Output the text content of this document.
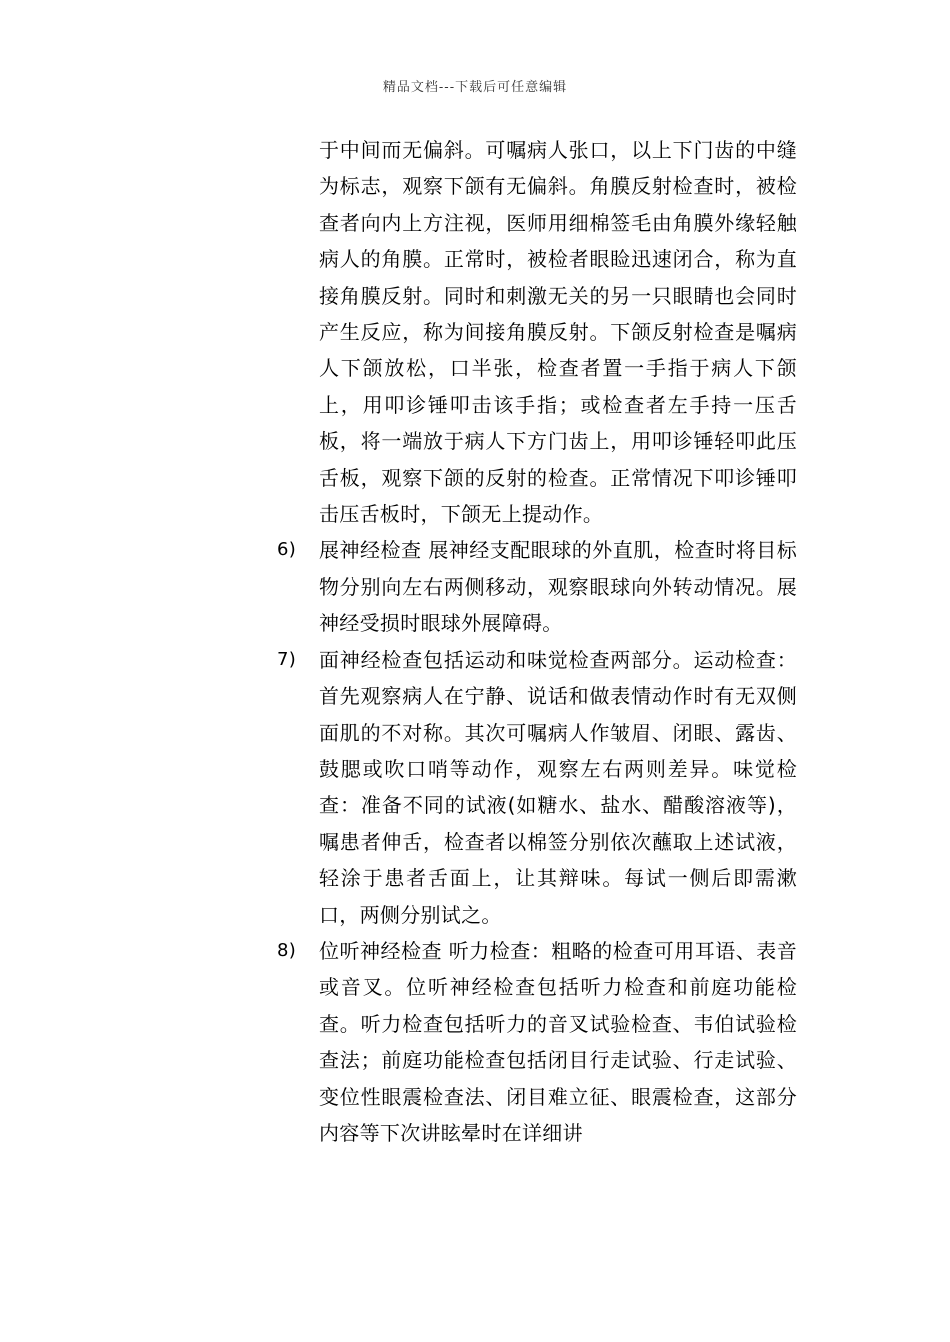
精品文档---下载后可任意编辑
于中间而无偏斜。可嘱病人张口，以上下门齿的中缝为标志，观察下颌有无偏斜。角膜反射检查时，被检查者向内上方注视，医师用细棉签毛由角膜外缘轻触病人的角膜。正常时，被检者眼睑迅速闭合，称为直接角膜反射。同时和刺激无关的另一只眼睛也会同时产生反应，称为间接角膜反射。下颌反射检查是嘱病人下颌放松，口半张，检查者置一手指于病人下颌上，用叩诊锤叩击该手指；或检查者左手持一压舌板，将一端放于病人下方门齿上，用叩诊锤轻叩此压舌板，观察下颌的反射的检查。正常情况下叩诊锤叩击压舌板时，下颌无上提动作。
6) 展神经检查 展神经支配眼球的外直肌，检查时将目标物分别向左右两侧移动，观察眼球向外转动情况。展神经受损时眼球外展障碍。
7) 面神经检查包括运动和味觉检查两部分。运动检查：首先观察病人在宁静、说话和做表情动作时有无双侧面肌的不对称。其次可嘱病人作皱眉、闭眼、露齿、鼓腮或吹口哨等动作，观察左右两则差异。味觉检查：准备不同的试液(如糖水、盐水、醋酸溶液等)，嘱患者伸舌，检查者以棉签分别依次蘸取上述试液，轻涂于患者舌面上，让其辩味。每试一侧后即需漱口，两侧分别试之。
8) 位听神经检查 听力检查：粗略的检查可用耳语、表音或音叉。位听神经检查包括听力检查和前庭功能检查。听力检查包括听力的音叉试验检查、韦伯试验检查法；前庭功能检查包括闭目行走试验、行走试验、变位性眼震检查法、闭目难立征、眼震检查，这部分内容等下次讲眩晕时在详细讲
